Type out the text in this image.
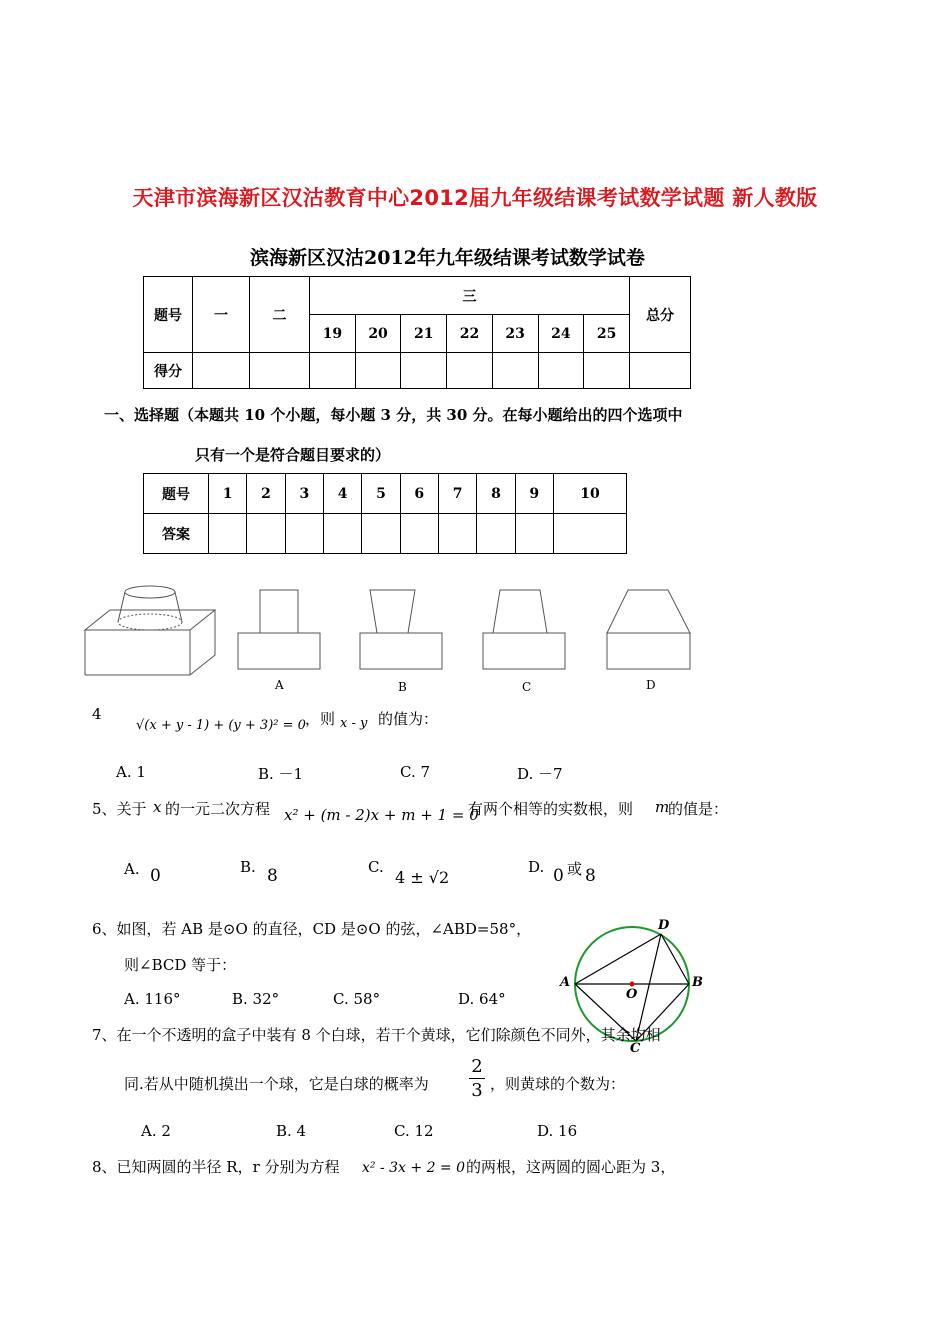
天津市滨海新区汉沽教育中心2012届九年级结课考试数学试题 新人教版
滨海新区汉沽2012年九年级结课考试数学试卷
题号	一	二	三							总分
			19	20	21	22	23	24	25	
得分										
一、选择题（本题共 10 个小题，每小题 3 分，共 30 分。在每小题给出的四个选项中
只有一个是符合题目要求的）
题号	1	2	3	4	5	6	7	8	9	10
答案										
A	B	C	D
4
√(x + y - 1) + (y + 3)² = 0 ，则 x - y 的值为：
A. 1	B. －1	C. 7	D. －7
5、关于 x 的一元二次方程 x² + (m - 2)x + m + 1 = 0
有两个相等的实数根，则 m
的值是：
A. 0	B. 8	C.
4 ± √2
D. 0 或 8
6、如图，若 AB 是⊙O 的直径，CD 是⊙O 的弦，∠ABD=58°，
则∠BCD 等于：
A. 116°	B. 32°	C. 58°	D. 64°
D
A
O
B
C
7、在一个不透明的盒子中装有 8 个白球，若干个黄球，它们除颜色不同外，其余均相
同.若从中随机摸出一个球，它是白球的概率为
2
3 ，则黄球的个数为：
A. 2	B. 4	C. 12	D. 16
8、已知两圆的半径 R，r 分别为方程 x² - 3x + 2 = 0 的两根，这两圆的圆心距为 3，
